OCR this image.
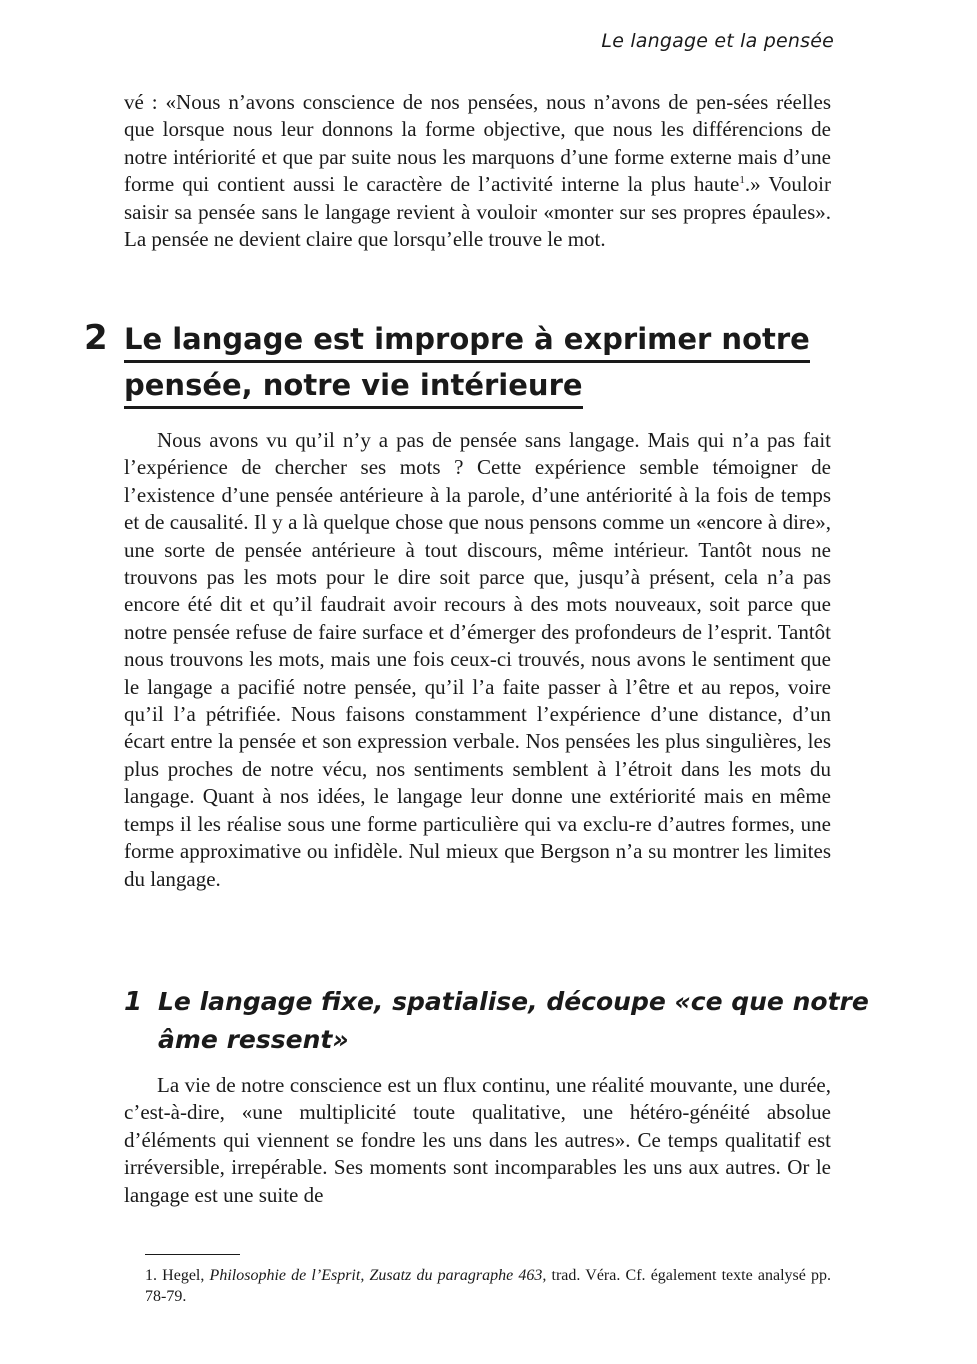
Le langage et la pensée

vé : «Nous n’avons conscience de nos pensées, nous n’avons de pen-sées réelles que lorsque nous leur donnons la forme objective, que nous les différencions de notre intériorité et que par suite nous les marquons d’une forme externe mais d’une forme qui contient aussi le caractère de l’activité interne la plus haute$^1$.» Vouloir saisir sa pensée sans le langage revient à vouloir «monter sur ses propres épaules». La pensée ne devient claire que lorsqu’elle trouve le mot.

2 Le langage est impropre à exprimer notre
pensée, notre vie intérieure

Nous avons vu qu’il n’y a pas de pensée sans langage. Mais qui n’a pas fait l’expérience de chercher ses mots ? Cette expérience semble témoigner de l’existence d’une pensée antérieure à la parole, d’une antériorité à la fois de temps et de causalité. Il y a là quelque chose que nous pensons comme un «encore à dire», une sorte de pensée antérieure à tout discours, même intérieur. Tantôt nous ne trouvons pas les mots pour le dire soit parce que, jusqu’à présent, cela n’a pas encore été dit et qu’il faudrait avoir recours à des mots nouveaux, soit parce que notre pensée refuse de faire surface et d’émerger des profondeurs de l’esprit. Tantôt nous trouvons les mots, mais une fois ceux-ci trouvés, nous avons le sentiment que le langage a pacifié notre pensée, qu’il l’a faite passer à l’être et au repos, voire qu’il l’a pétrifiée. Nous faisons constamment l’expérience d’une distance, d’un écart entre la pensée et son expression verbale. Nos pensées les plus singulières, les plus proches de notre vécu, nos sentiments semblent à l’étroit dans les mots du langage. Quant à nos idées, le langage leur donne une extériorité mais en même temps il les réalise sous une forme particulière qui va exclu-re d’autres formes, une forme approximative ou infidèle. Nul mieux que Bergson n’a su montrer les limites du langage.

1 Le langage fixe, spatialise, découpe «ce que notre
âme ressent»

La vie de notre conscience est un flux continu, une réalité mouvante, une durée, c’est-à-dire, «une multiplicité toute qualitative, une hétéro-généité absolue d’éléments qui viennent se fondre les uns dans les autres». Ce temps qualitatif est irréversible, irrepérable. Ses moments sont incomparables les uns aux autres. Or le langage est une suite de

1. Hegel, Philosophie de l’Esprit, Zusatz du paragraphe 463, trad. Véra. Cf. également texte analysé pp. 78-79.
